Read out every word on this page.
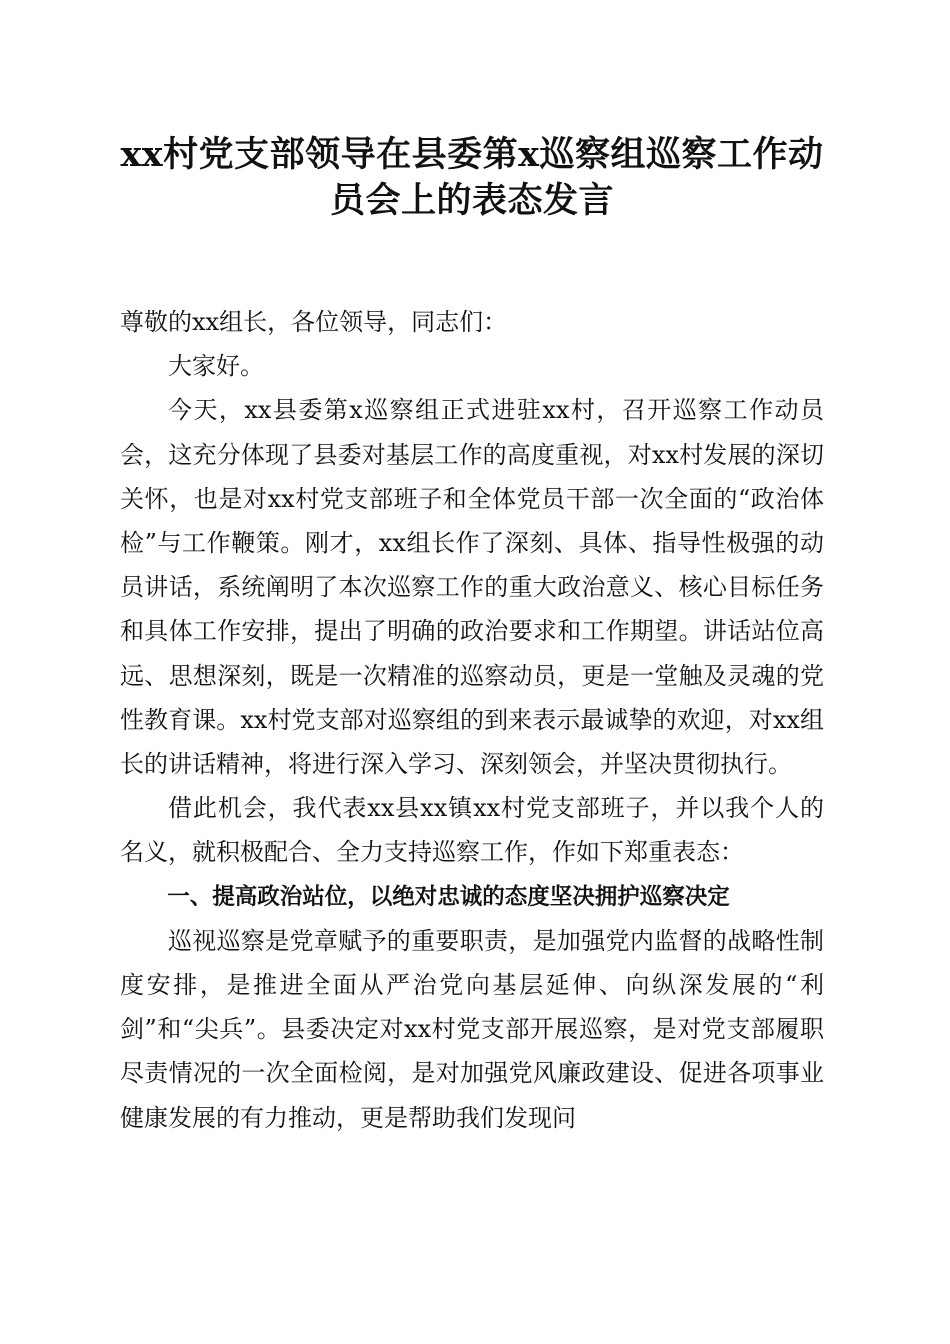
xx村党支部领导在县委第x巡察组巡察工作动
员会上的表态发言

尊敬的xx组长，各位领导，同志们：

大家好。

今天，xx县委第x巡察组正式进驻xx村，召开巡察工作动员会，这充分体现了县委对基层工作的高度重视，对xx村发展的深切关怀，也是对xx村党支部班子和全体党员干部一次全面的“政治体检”与工作鞭策。刚才，xx组长作了深刻、具体、指导性极强的动员讲话，系统阐明了本次巡察工作的重大政治意义、核心目标任务和具体工作安排，提出了明确的政治要求和工作期望。讲话站位高远、思想深刻，既是一次精准的巡察动员，更是一堂触及灵魂的党性教育课。xx村党支部对巡察组的到来表示最诚挚的欢迎，对xx组长的讲话精神，将进行深入学习、深刻领会，并坚决贯彻执行。

借此机会，我代表xx县xx镇xx村党支部班子，并以我个人的名义，就积极配合、全力支持巡察工作，作如下郑重表态：

一、提高政治站位，以绝对忠诚的态度坚决拥护巡察决定

巡视巡察是党章赋予的重要职责，是加强党内监督的战略性制度安排，是推进全面从严治党向基层延伸、向纵深发展的“利剑”和“尖兵”。县委决定对xx村党支部开展巡察，是对党支部履职尽责情况的一次全面检阅，是对加强党风廉政建设、促进各项事业健康发展的有力推动，更是帮助我们发现问
